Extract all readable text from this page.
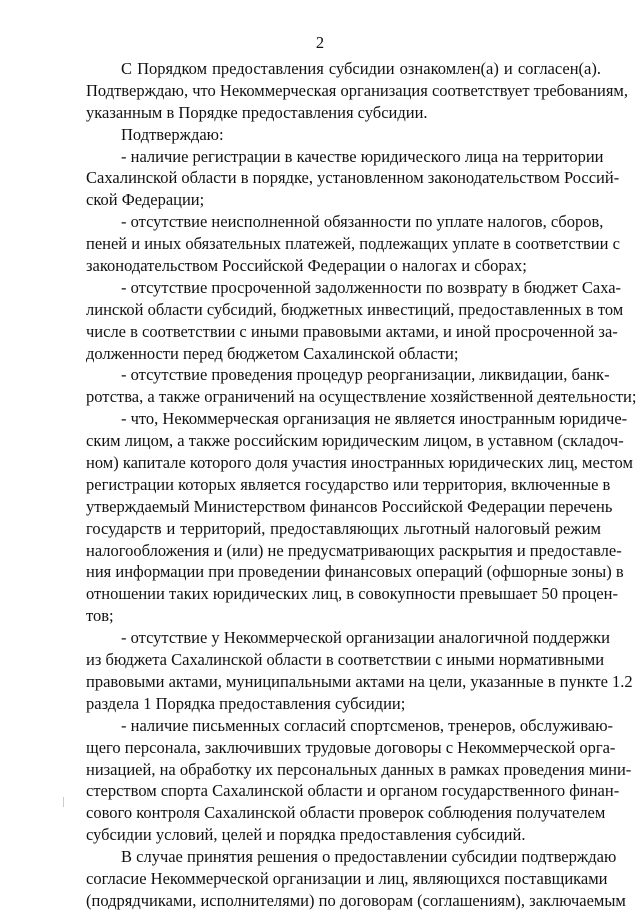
2
С Порядком предоставления субсидии ознакомлен(а) и согласен(а).
Подтверждаю, что Некоммерческая организация соответствует требованиям,
указанным в Порядке предоставления субсидии.
Подтверждаю:
- наличие регистрации в качестве юридического лица на территории
Сахалинской области в порядке, установленном законодательством Россий-
ской Федерации;
- отсутствие неисполненной обязанности по уплате налогов, сборов,
пеней и иных обязательных платежей, подлежащих уплате в соответствии с
законодательством Российской Федерации о налогах и сборах;
- отсутствие просроченной задолженности по возврату в бюджет Саха-
линской области субсидий, бюджетных инвестиций, предоставленных в том
числе в соответствии с иными правовыми актами, и иной просроченной за-
долженности перед бюджетом Сахалинской области;
- отсутствие проведения процедур реорганизации, ликвидации, банк-
ротства, а также ограничений на осуществление хозяйственной деятельности;
- что, Некоммерческая организация не является иностранным юридиче-
ским лицом, а также российским юридическим лицом, в уставном (складоч-
ном) капитале которого доля участия иностранных юридических лиц, местом
регистрации которых является государство или территория, включенные в
утверждаемый Министерством финансов Российской Федерации перечень
государств и территорий, предоставляющих льготный налоговый режим
налогообложения и (или) не предусматривающих раскрытия и предоставле-
ния информации при проведении финансовых операций (офшорные зоны) в
отношении таких юридических лиц, в совокупности превышает 50 процен-
тов;
- отсутствие у Некоммерческой организации аналогичной поддержки
из бюджета Сахалинской области в соответствии с иными нормативными
правовыми актами, муниципальными актами на цели, указанные в пункте 1.2
раздела 1 Порядка предоставления субсидии;
- наличие письменных согласий спортсменов, тренеров, обслуживаю-
щего персонала, заключивших трудовые договоры с Некоммерческой орга-
низацией, на обработку их персональных данных в рамках проведения мини-
стерством спорта Сахалинской области и органом государственного финан-
сового контроля Сахалинской области проверок соблюдения получателем
субсидии условий, целей и порядка предоставления субсидий.
В случае принятия решения о предоставлении субсидии подтверждаю
согласие Некоммерческой организации и лиц, являющихся поставщиками
(подрядчиками, исполнителями) по договорам (соглашениям), заключаемым
